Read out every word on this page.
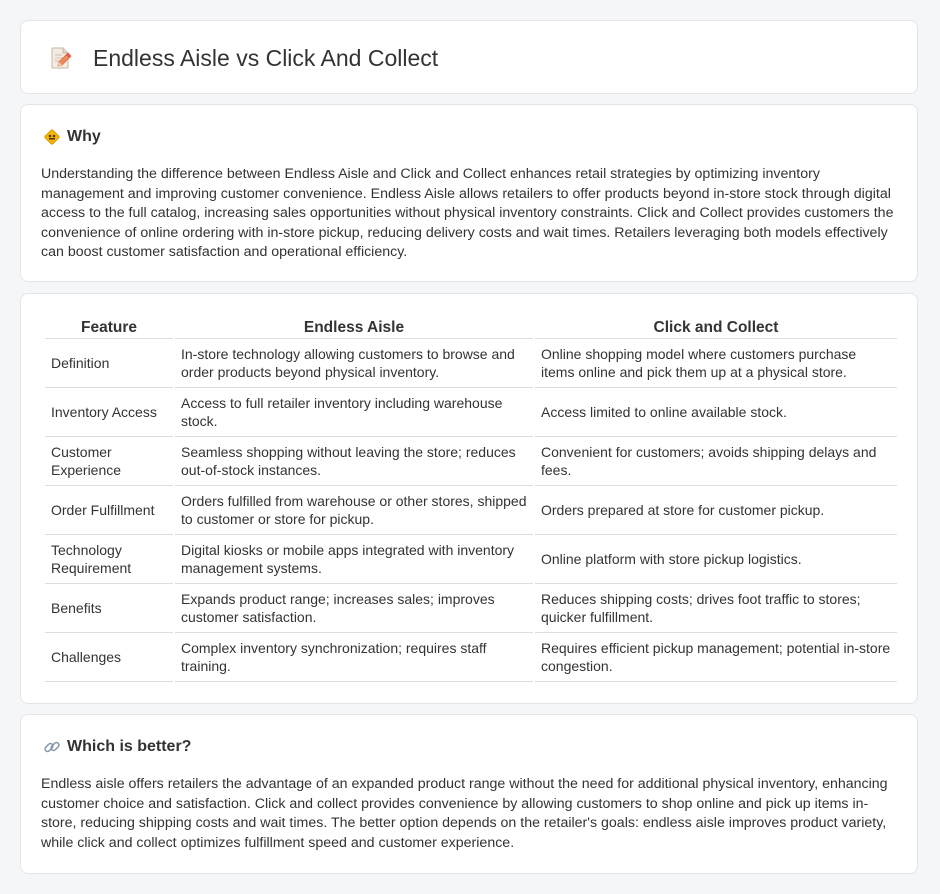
Endless Aisle vs Click And Collect
Why

Understanding the difference between Endless Aisle and Click and Collect enhances retail strategies by optimizing inventory management and improving customer convenience. Endless Aisle allows retailers to offer products beyond in-store stock through digital access to the full catalog, increasing sales opportunities without physical inventory constraints. Click and Collect provides customers the convenience of online ordering with in-store pickup, reducing delivery costs and wait times. Retailers leveraging both models effectively can boost customer satisfaction and operational efficiency.

Feature	Endless Aisle	Click and Collect
Definition	In-store technology allowing customers to browse and order products beyond physical inventory.	Online shopping model where customers purchase items online and pick them up at a physical store.
Inventory Access	Access to full retailer inventory including warehouse stock.	Access limited to online available stock.
Customer Experience	Seamless shopping without leaving the store; reduces out-of-stock instances.	Convenient for customers; avoids shipping delays and fees.
Order Fulfillment	Orders fulfilled from warehouse or other stores, shipped to customer or store for pickup.	Orders prepared at store for customer pickup.
Technology Requirement	Digital kiosks or mobile apps integrated with inventory management systems.	Online platform with store pickup logistics.
Benefits	Expands product range; increases sales; improves customer satisfaction.	Reduces shipping costs; drives foot traffic to stores; quicker fulfillment.
Challenges	Complex inventory synchronization; requires staff training.	Requires efficient pickup management; potential in-store congestion.
Which is better?

Endless aisle offers retailers the advantage of an expanded product range without the need for additional physical inventory, enhancing customer choice and satisfaction. Click and collect provides convenience by allowing customers to shop online and pick up items in-store, reducing shipping costs and wait times. The better option depends on the retailer's goals: endless aisle improves product variety, while click and collect optimizes fulfillment speed and customer experience.
